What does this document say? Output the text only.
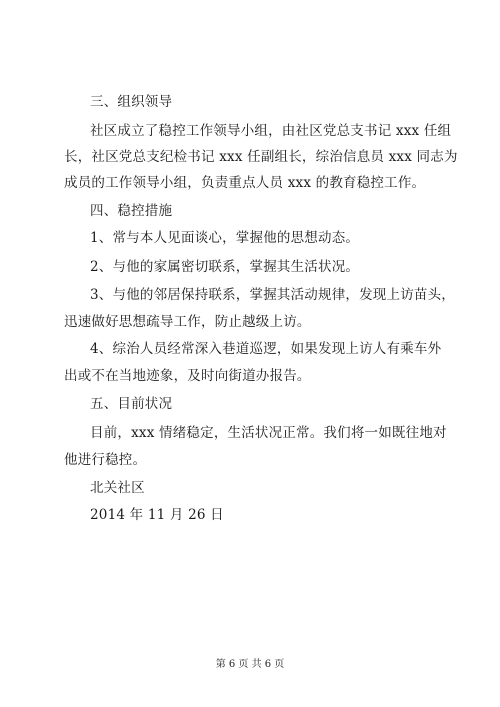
三、组织领导
社区成立了稳控工作领导小组，由社区党总支书记 xxx 任组
长，社区党总支纪检书记 xxx 任副组长，综治信息员 xxx 同志为
成员的工作领导小组，负责重点人员 xxx 的教育稳控工作。
四、稳控措施
1、常与本人见面谈心，掌握他的思想动态。
2、与他的家属密切联系，掌握其生活状况。
3、与他的邻居保持联系，掌握其活动规律，发现上访苗头，
迅速做好思想疏导工作，防止越级上访。
4、综治人员经常深入巷道巡逻，如果发现上访人有乘车外
出或不在当地迹象，及时向街道办报告。
五、目前状况
目前，xxx 情绪稳定，生活状况正常。我们将一如既往地对
他进行稳控。
北关社区
2014 年 11 月 26 日
第 6 页 共 6 页
